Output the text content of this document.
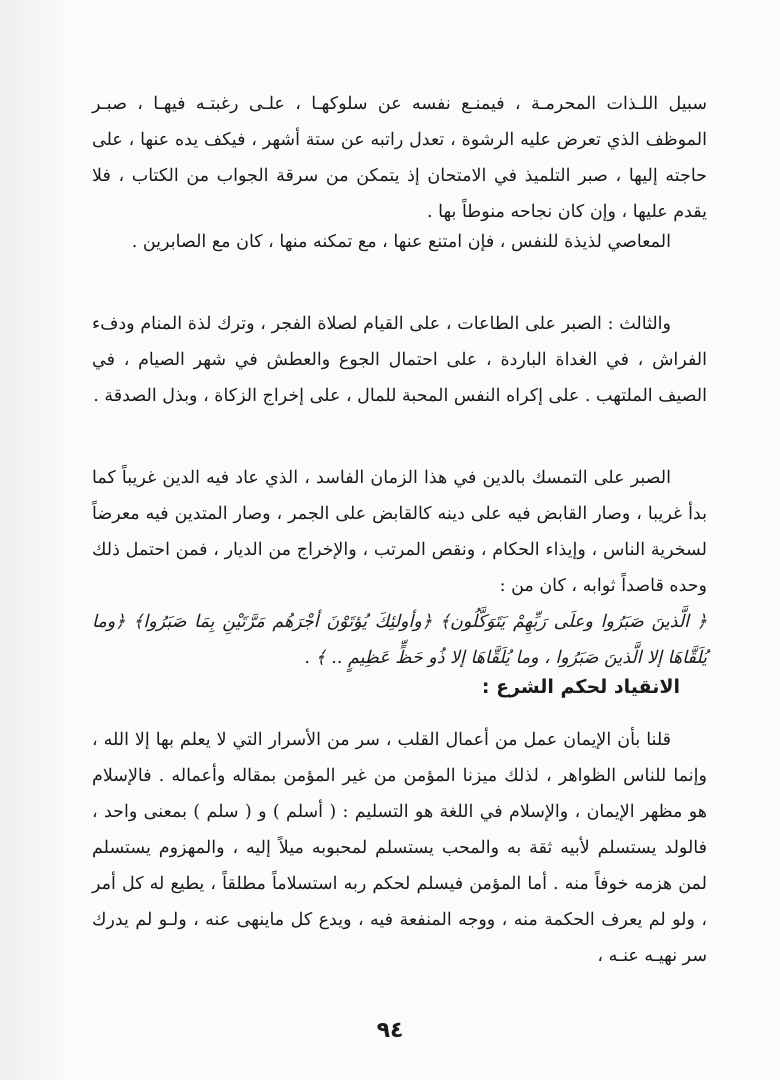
سبيل اللـذات المحرمـة ، فيمنـع نفسه عن سلوكهـا ، علـى رغبتـه فيهـا ، صبـر الموظف الذي تعرض عليه الرشوة ، تعدل راتبه عن ستة أشهر ، فيكف يده عنها ، على حاجته إليها ، صبر التلميذ في الامتحان إذ يتمكن من سرقة الجواب من الكتاب ، فلا يقدم عليها ، وإن كان نجاحه منوطاً بها .

المعاصي لذيذة للنفس ، فإن امتنع عنها ، مع تمكنه منها ، كان مع الصابرين .

والثالث : الصبر على الطاعات ، على القيام لصلاة الفجر ، وترك لذة المنام ودفء الفراش ، في الغداة الباردة ، على احتمال الجوع والعطش في شهر الصيام ، في الصيف الملتهب . على إكراه النفس المحبة للمال ، على إخراج الزكاة ، وبذل الصدقة .

الصبر على التمسك بالدين في هذا الزمان الفاسد ، الذي عاد فيه الدين غريباً كما بدأ غريبا ، وصار القابض فيه على دينه كالقابض على الجمر ، وصار المتدين فيه معرضاً لسخرية الناس ، وإيذاء الحكام ، ونقص المرتب ، والإخراج من الديار ، فمن احتمل ذلك وحده قاصداً ثوابه ، كان من :

﴿ الَّذينَ صَبَرُوا وعلَى رَبِّهِمْ يَتَوَكَّلُون﴾ ﴿وأولئِكَ يُؤتَوْنَ أجْرَهُم مَرَّتَيْنِ بِمَا صَبَرُوا﴾ ﴿وما يُلَقَّاهَا إلا الَّذينَ صَبَرُوا ، وما يُلَقَّاهَا إلا ذُو حَظٍّ عَظِيمٍ .. ﴾ .

الانقياد لحكم الشرع :

قلنا بأن الإيمان عمل من أعمال القلب ، سر من الأسرار التي لا يعلم بها إلا الله ، وإنما للناس الظواهر ، لذلك ميزنا المؤمن من غير المؤمن بمقاله وأعماله . فالإسلام هو مظهر الإيمان ، والإسلام في اللغة هو التسليم : ( أسلم ) و ( سلم ) بمعنى واحد ، فالولد يستسلم لأبيه ثقة به والمحب يستسلم لمحبوبه ميلاً إليه ، والمهزوم يستسلم لمن هزمه خوفاً منه . أما المؤمن فيسلم لحكم ربه استسلاماً مطلقاً ، يطيع له كل أمر ، ولو لم يعرف الحكمة منه ، ووجه المنفعة فيه ، ويدع كل ماينهى عنه ، ولـو لم يدرك سر نهيـه عنـه ،

٩٤
